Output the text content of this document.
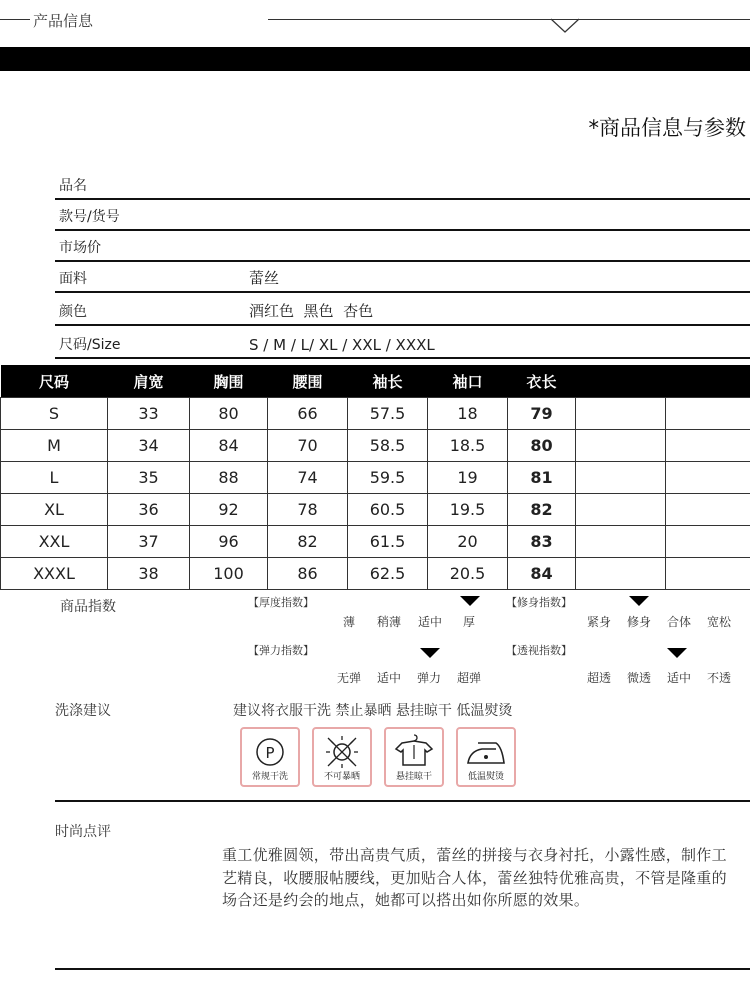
产品信息
*商品信息与参数
品名
款号/货号
市场价
面料	蕾丝
颜色	酒红色  黑色  杏色
尺码/Size	S / M / L/ XL / XXL / XXXL
尺码	肩宽	胸围	腰围	袖长	袖口	衣长		
S	33	80	66	57.5	18	79		
M	34	84	70	58.5	18.5	80		
L	35	88	74	59.5	19	81		
XL	36	92	78	60.5	19.5	82		
XXL	37	96	82	61.5	20	83		
XXXL	38	100	86	62.5	20.5	84		
商品指数	【厚度指数】
薄 稍薄 适中 厚
【修身指数】
紧身 修身 合体 宽松
【弹力指数】
无弹 适中 弹力 超弹
【透视指数】
超透 微透 适中 不透
洗涤建议	建议将衣服干洗 禁止暴晒 悬挂晾干 低温熨烫
P
常规干洗	不可暴晒	悬挂晾干	低温熨烫
时尚点评
重工优雅圆领，带出高贵气质，蕾丝的拼接与衣身衬托，小露性感，制作工艺精良，收腰服帖腰线，更加贴合人体，蕾丝独特优雅高贵，不管是隆重的场合还是约会的地点，她都可以搭出如你所愿的效果。
